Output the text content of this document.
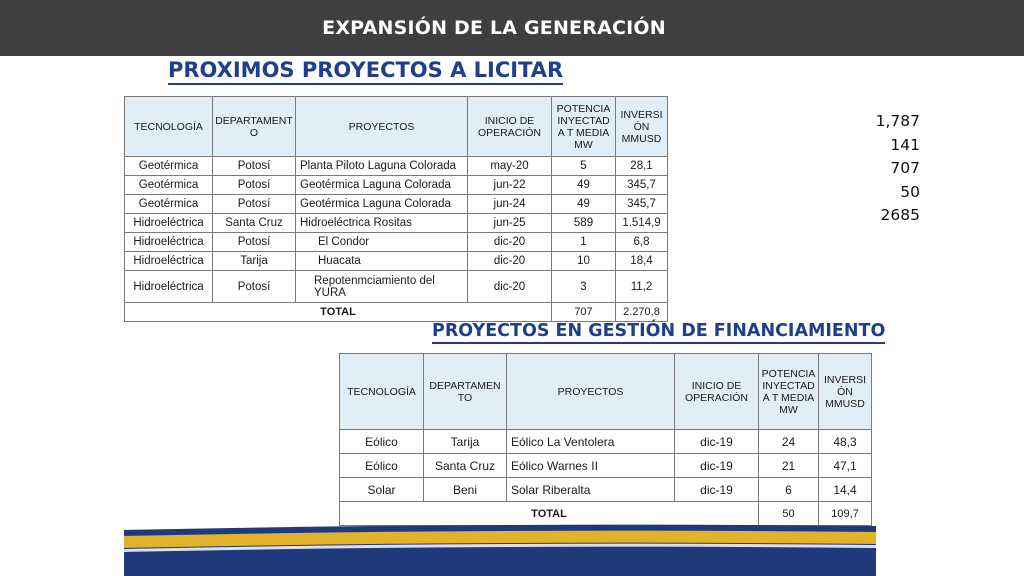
EXPANSIÓN DE LA GENERACIÓN
PROXIMOS PROYECTOS A LICITAR
TECNOLOGÍA	DEPARTAMENT O	PROYECTOS	INICIO DE OPERACIÓN	POTENCIA INYECTAD A T MEDIA MW	INVERSI ÓN MMUSD
Geotérmica	Potosí	Planta Piloto Laguna Colorada	may-20	5	28,1
Geotérmica	Potosí	Geotérmica Laguna Colorada	jun-22	49	345,7
Geotérmica	Potosí	Geotérmica Laguna Colorada	jun-24	49	345,7
Hidroeléctrica	Santa Cruz	Hidroeléctrica Rositas	jun-25	589	1.514,9
Hidroeléctrica	Potosí	El Condor	dic-20	1	6,8
Hidroeléctrica	Tarija	Huacata	dic-20	10	18,4
Hidroeléctrica	Potosí	Repotenmciamiento del YURA	dic-20	3	11,2
TOTAL				707	2.270,8
1,787
141
707
50
2685
PROYECTOS EN GESTIÓN DE FINANCIAMIENTO
TECNOLOGÍA	DEPARTAMEN TO	PROYECTOS	INICIO DE OPERACIÓN	POTENCIA INYECTAD A T MEDIA MW	INVERSI ÓN MMUSD
Eólico	Tarija	Eólico La Ventolera	dic-19	24	48,3
Eólico	Santa Cruz	Eólico Warnes II	dic-19	21	47,1
Solar	Beni	Solar Riberalta	dic-19	6	14,4
TOTAL				50	109,7
